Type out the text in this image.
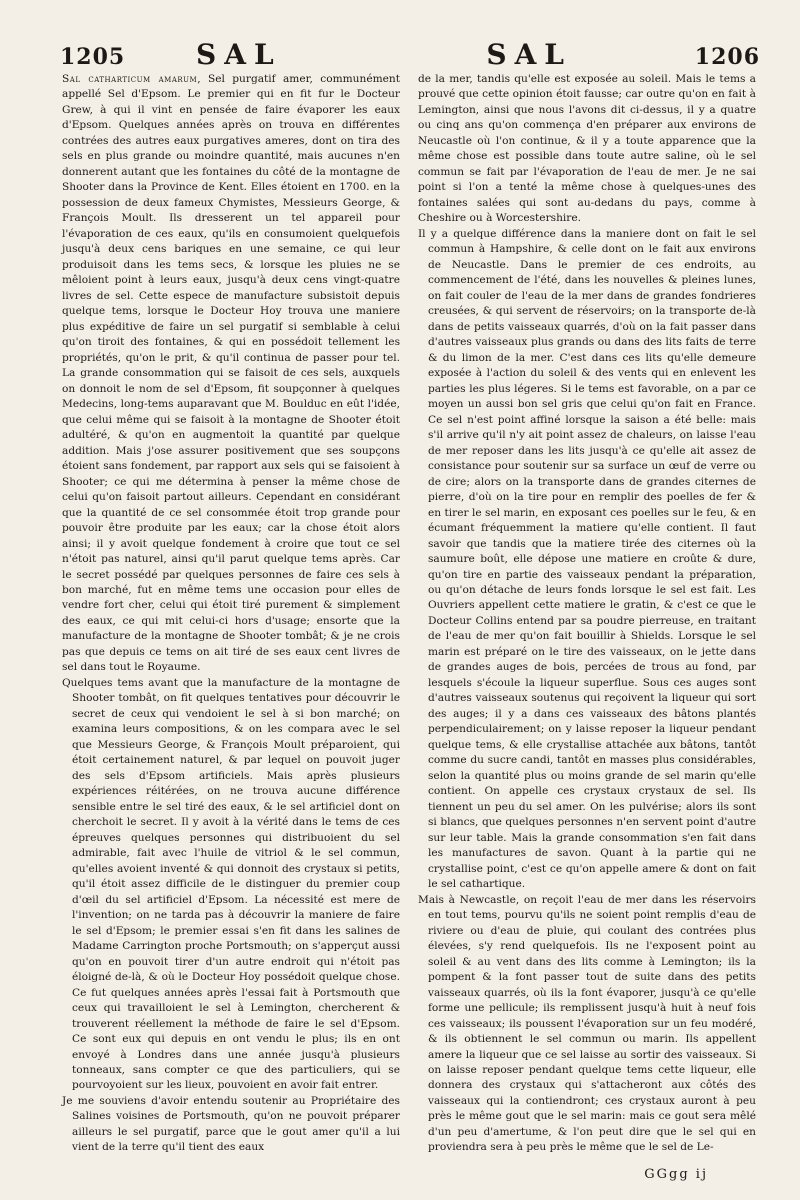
1205	SAL	SAL	1206

Sal catharticum amarum, Sel purgatif amer, communément appellé Sel d'Epsom. Le premier qui en fit fur le Docteur Grew, à qui il vint en pensée de faire évaporer les eaux d'Epsom. Quelques années après on trouva en différentes contrées des autres eaux purgatives ameres, dont on tira des sels en plus grande ou moindre quantité, mais aucunes n'en donnerent autant que les fontaines du côté de la montagne de Shooter dans la Province de Kent. Elles étoient en 1700. en la possession de deux fameux Chymistes, Messieurs George, & François Moult. Ils dresserent un tel appareil pour l'évaporation de ces eaux, qu'ils en consumoient quelquefois jusqu'à deux cens bariques en une semaine, ce qui leur produisoit dans les tems secs, & lorsque les pluies ne se mêloient point à leurs eaux, jusqu'à deux cens vingt-quatre livres de sel. Cette espece de manufacture subsistoit depuis quelque tems, lorsque le Docteur Hoy trouva une maniere plus expéditive de faire un sel purgatif si semblable à celui qu'on tiroit des fontaines, & qui en possédoit tellement les propriétés, qu'on le prit, & qu'il continua de passer pour tel. La grande consommation qui se faisoit de ces sels, auxquels on donnoit le nom de sel d'Epsom, fit soupçonner à quelques Medecins, long-tems auparavant que M. Boulduc en eût l'idée, que celui même qui se faisoit à la montagne de Shooter étoit adultéré, & qu'on en augmentoit la quantité par quelque addition. Mais j'ose assurer positivement que ses soupçons étoient sans fondement, par rapport aux sels qui se faisoient à Shooter; ce qui me détermina à penser la même chose de celui qu'on faisoit partout ailleurs. Cependant en considérant que la quantité de ce sel consommée étoit trop grande pour pouvoir être produite par les eaux; car la chose étoit alors ainsi; il y avoit quelque fondement à croire que tout ce sel n'étoit pas naturel, ainsi qu'il parut quelque tems après. Car le secret possédé par quelques personnes de faire ces sels à bon marché, fut en même tems une occasion pour elles de vendre fort cher, celui qui étoit tiré purement & simplement des eaux, ce qui mit celui-ci hors d'usage; ensorte que la manufacture de la montagne de Shooter tombât; & je ne crois pas que depuis ce tems on ait tiré de ses eaux cent livres de sel dans tout le Royaume.

Quelques tems avant que la manufacture de la montagne de Shooter tombât, on fit quelques tentatives pour découvrir le secret de ceux qui vendoient le sel à si bon marché; on examina leurs compositions, & on les compara avec le sel que Messieurs George, & François Moult préparoient, qui étoit certainement naturel, & par lequel on pouvoit juger des sels d'Epsom artificiels. Mais après plusieurs expériences réitérées, on ne trouva aucune différence sensible entre le sel tiré des eaux, & le sel artificiel dont on cherchoit le secret. Il y avoit à la vérité dans le tems de ces épreuves quelques personnes qui distribuoient du sel admirable, fait avec l'huile de vitriol & le sel commun, qu'elles avoient inventé & qui donnoit des crystaux si petits, qu'il étoit assez difficile de le distinguer du premier coup d'œil du sel artificiel d'Epsom. La nécessité est mere de l'invention; on ne tarda pas à découvrir la maniere de faire le sel d'Epsom; le premier essai s'en fit dans les salines de Madame Carrington proche Portsmouth; on s'apperçut aussi qu'on en pouvoit tirer d'un autre endroit qui n'étoit pas éloigné de-là, & où le Docteur Hoy possédoit quelque chose. Ce fut quelques années après l'essai fait à Portsmouth que ceux qui travailloient le sel à Lemington, chercherent & trouverent réellement la méthode de faire le sel d'Epsom. Ce sont eux qui depuis en ont vendu le plus; ils en ont envoyé à Londres dans une année jusqu'à plusieurs tonneaux, sans compter ce que des particuliers, qui se pourvoyoient sur les lieux, pouvoient en avoir fait entrer.

Je me souviens d'avoir entendu soutenir au Propriétaire des Salines voisines de Portsmouth, qu'on ne pouvoit préparer ailleurs le sel purgatif, parce que le gout amer qu'il a lui vient de la terre qu'il tient des eaux

de la mer, tandis qu'elle est exposée au soleil. Mais le tems a prouvé que cette opinion étoit fausse; car outre qu'on en fait à Lemington, ainsi que nous l'avons dit ci-dessus, il y a quatre ou cinq ans qu'on commença d'en préparer aux environs de Neucastle où l'on continue, & il y a toute apparence que la même chose est possible dans toute autre saline, où le sel commun se fait par l'évaporation de l'eau de mer. Je ne sai point si l'on a tenté la même chose à quelques-unes des fontaines salées qui sont au-dedans du pays, comme à Cheshire ou à Worcestershire.

Il y a quelque différence dans la maniere dont on fait le sel commun à Hampshire, & celle dont on le fait aux environs de Neucastle. Dans le premier de ces endroits, au commencement de l'été, dans les nouvelles & pleines lunes, on fait couler de l'eau de la mer dans de grandes fondrieres creusées, & qui servent de réservoirs; on la transporte de-là dans de petits vaisseaux quarrés, d'où on la fait passer dans d'autres vaisseaux plus grands ou dans des lits faits de terre & du limon de la mer. C'est dans ces lits qu'elle demeure exposée à l'action du soleil & des vents qui en enlevent les parties les plus légeres. Si le tems est favorable, on a par ce moyen un aussi bon sel gris que celui qu'on fait en France. Ce sel n'est point affiné lorsque la saison a été belle: mais s'il arrive qu'il n'y ait point assez de chaleurs, on laisse l'eau de mer reposer dans les lits jusqu'à ce qu'elle ait assez de consistance pour soutenir sur sa surface un œuf de verre ou de cire; alors on la transporte dans de grandes citernes de pierre, d'où on la tire pour en remplir des poelles de fer & en tirer le sel marin, en exposant ces poelles sur le feu, & en écumant fréquemment la matiere qu'elle contient. Il faut savoir que tandis que la matiere tirée des citernes où la saumure boût, elle dépose une matiere en croûte & dure, qu'on tire en partie des vaisseaux pendant la préparation, ou qu'on détache de leurs fonds lorsque le sel est fait. Les Ouvriers appellent cette matiere le gratin, & c'est ce que le Docteur Collins entend par sa poudre pierreuse, en traitant de l'eau de mer qu'on fait bouillir à Shields. Lorsque le sel marin est préparé on le tire des vaisseaux, on le jette dans de grandes auges de bois, percées de trous au fond, par lesquels s'écoule la liqueur superflue. Sous ces auges sont d'autres vaisseaux soutenus qui reçoivent la liqueur qui sort des auges; il y a dans ces vaisseaux des bâtons plantés perpendiculairement; on y laisse reposer la liqueur pendant quelque tems, & elle crystallise attachée aux bâtons, tantôt comme du sucre candi, tantôt en masses plus considérables, selon la quantité plus ou moins grande de sel marin qu'elle contient. On appelle ces crystaux crystaux de sel. Ils tiennent un peu du sel amer. On les pulvérise; alors ils sont si blancs, que quelques personnes n'en servent point d'autre sur leur table. Mais la grande consommation s'en fait dans les manufactures de savon. Quant à la partie qui ne crystallise point, c'est ce qu'on appelle amere & dont on fait le sel cathartique.

Mais à Newcastle, on reçoit l'eau de mer dans les réservoirs en tout tems, pourvu qu'ils ne soient point remplis d'eau de riviere ou d'eau de pluie, qui coulant des contrées plus élevées, s'y rend quelquefois. Ils ne l'exposent point au soleil & au vent dans des lits comme à Lemington; ils la pompent & la font passer tout de suite dans des petits vaisseaux quarrés, où ils la font évaporer, jusqu'à ce qu'elle forme une pellicule; ils remplissent jusqu'à huit à neuf fois ces vaisseaux; ils poussent l'évaporation sur un feu modéré, & ils obtiennent le sel commun ou marin. Ils appellent amere la liqueur que ce sel laisse au sortir des vaisseaux. Si on laisse reposer pendant quelque tems cette liqueur, elle donnera des crystaux qui s'attacheront aux côtés des vaisseaux qui la contiendront; ces crystaux auront à peu près le même gout que le sel marin: mais ce gout sera mêlé d'un peu d'amertume, & l'on peut dire que le sel qui en proviendra sera à peu près le même que le sel de Le-

GGgg ij
